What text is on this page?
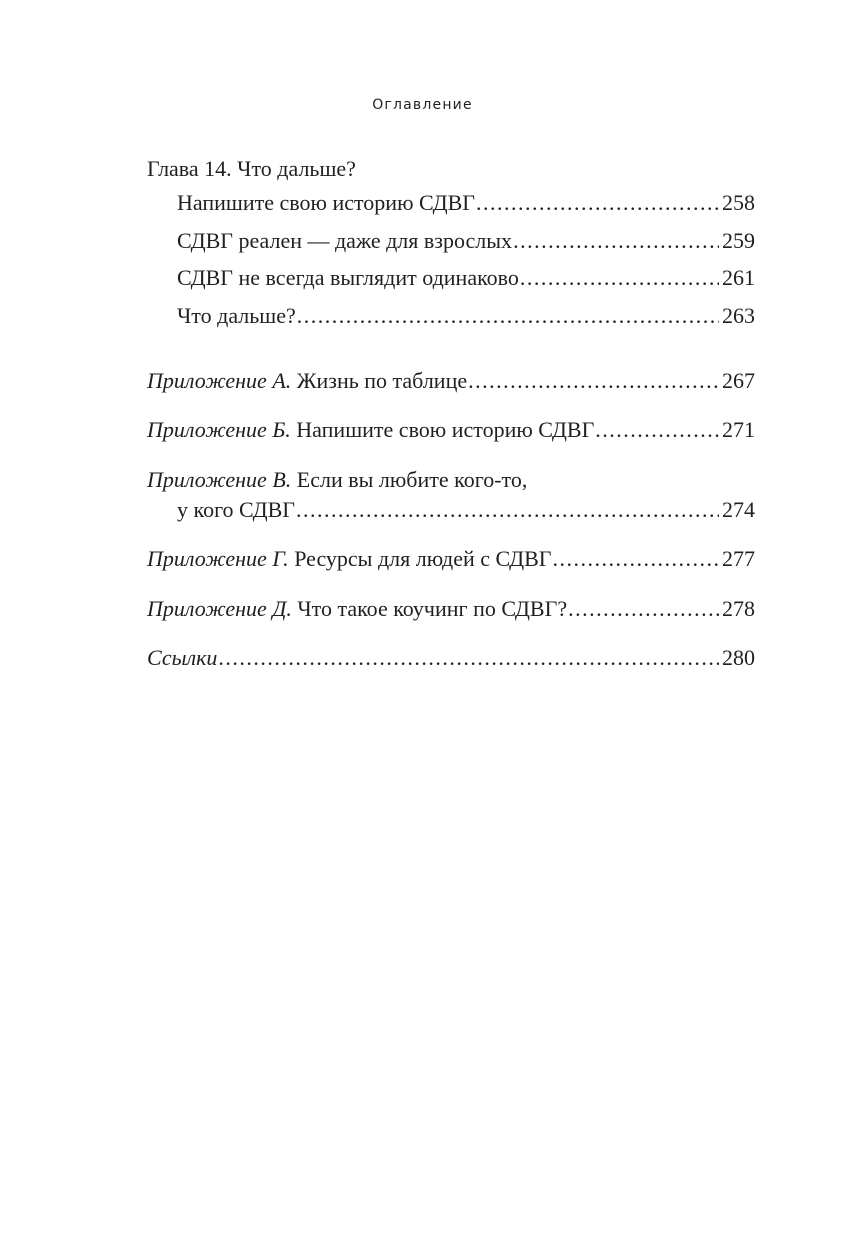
Оглавление
Глава 14. Что дальше?
Напишите свою историю СДВГ .....	258
СДВГ реален — даже для взрослых .....	259
СДВГ не всегда выглядит одинаково .....	261
Что дальше? .....	263
Приложение А. Жизнь по таблице .....	267
Приложение Б. Напишите свою историю СДВГ .....	271
Приложение В. Если вы любите кого-то,
у кого СДВГ .....	274
Приложение Г. Ресурсы для людей с СДВГ .....	277
Приложение Д. Что такое коучинг по СДВГ? .....	278
Ссылки .....	280
